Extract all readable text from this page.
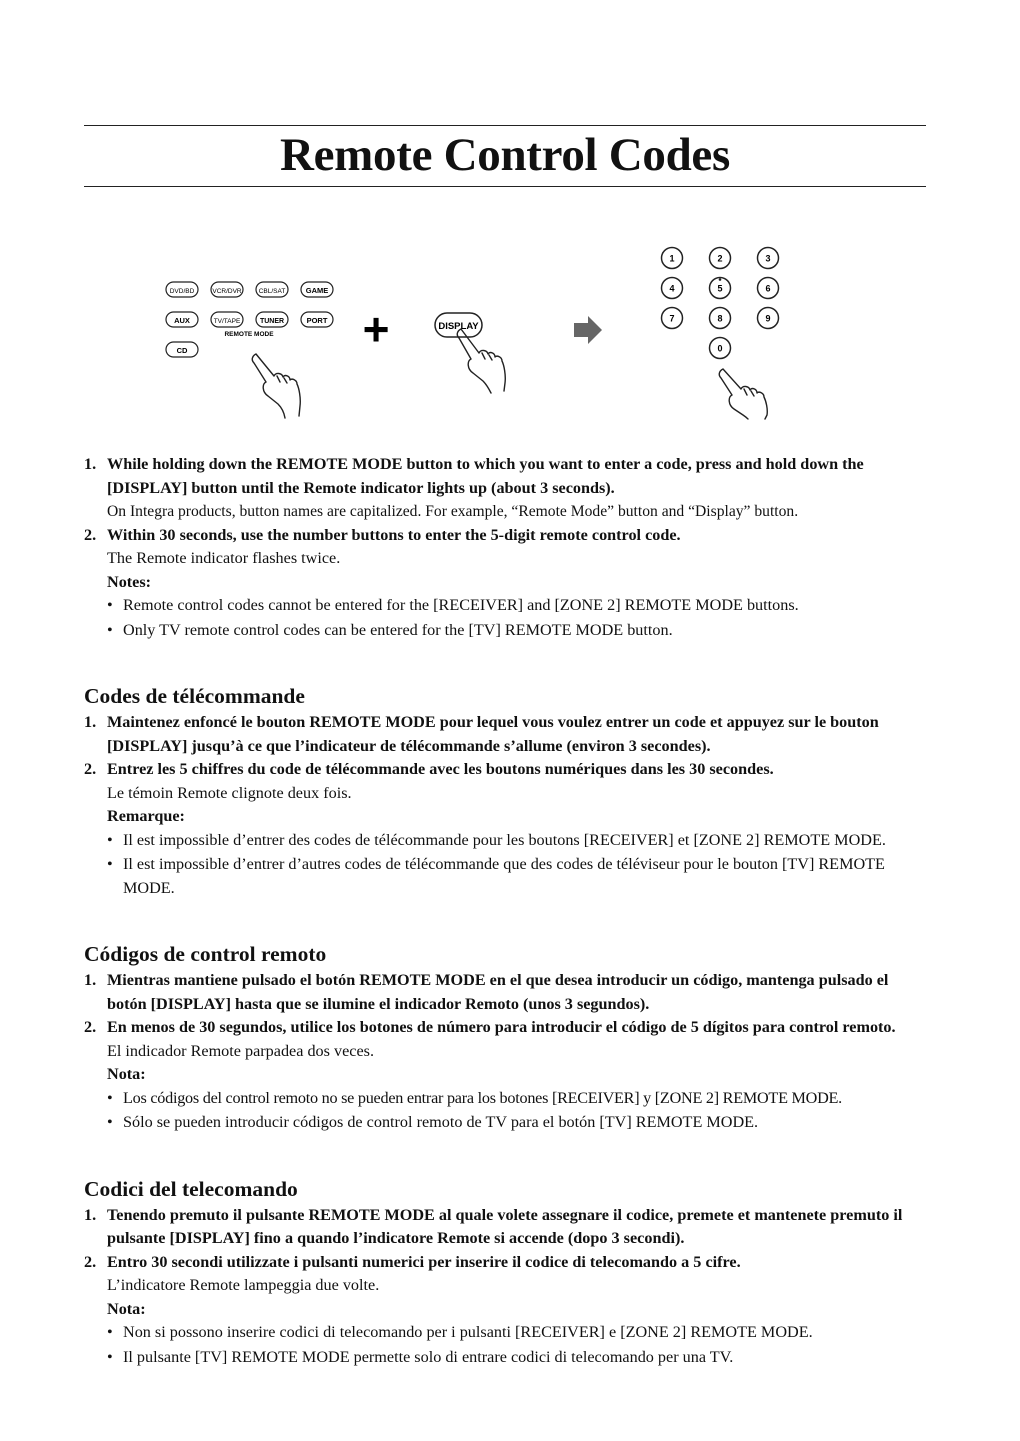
Remote Control Codes
DVD/BD	VCR/DVR	CBL/SAT	GAME
AUX	TV/TAPE	TUNER	PORT
CD
REMOTE MODE +	DISPLAY
1	2	3
4	5	6
7	8	9
0
1. While holding down the REMOTE MODE button to which you want to enter a code, press and hold down the [DISPLAY] button until the Remote indicator lights up (about 3 seconds).
On Integra products, button names are capitalized. For example, “Remote Mode” button and “Display” button.
2. Within 30 seconds, use the number buttons to enter the 5-digit remote control code.
The Remote indicator flashes twice.
Notes:
• Remote control codes cannot be entered for the [RECEIVER] and [ZONE 2] REMOTE MODE buttons.
• Only TV remote control codes can be entered for the [TV] REMOTE MODE button.
Codes de télécommande
1. Maintenez enfoncé le bouton REMOTE MODE pour lequel vous voulez entrer un code et appuyez sur le bouton [DISPLAY] jusqu’à ce que l’indicateur de télécommande s’allume (environ 3 secondes).
2. Entrez les 5 chiffres du code de télécommande avec les boutons numériques dans les 30 secondes.
Le témoin Remote clignote deux fois.
Remarque:
• Il est impossible d’entrer des codes de télécommande pour les boutons [RECEIVER] et [ZONE 2] REMOTE MODE.
• Il est impossible d’entrer d’autres codes de télécommande que des codes de téléviseur pour le bouton [TV] REMOTE MODE.
Códigos de control remoto
1. Mientras mantiene pulsado el botón REMOTE MODE en el que desea introducir un código, mantenga pulsado el botón [DISPLAY] hasta que se ilumine el indicador Remoto (unos 3 segundos).
2. En menos de 30 segundos, utilice los botones de número para introducir el código de 5 dígitos para control remoto.
El indicador Remote parpadea dos veces.
Nota:
• Los códigos del control remoto no se pueden entrar para los botones [RECEIVER] y [ZONE 2] REMOTE MODE.
• Sólo se pueden introducir códigos de control remoto de TV para el botón [TV] REMOTE MODE.
Codici del telecomando
1. Tenendo premuto il pulsante REMOTE MODE al quale volete assegnare il codice, premete et mantenete premuto il pulsante [DISPLAY] fino a quando l’indicatore Remote si accende (dopo 3 secondi).
2. Entro 30 secondi utilizzate i pulsanti numerici per inserire il codice di telecomando a 5 cifre.
L’indicatore Remote lampeggia due volte.
Nota:
• Non si possono inserire codici di telecomando per i pulsanti [RECEIVER] e [ZONE 2] REMOTE MODE.
• Il pulsante [TV] REMOTE MODE permette solo di entrare codici di telecomando per una TV.
